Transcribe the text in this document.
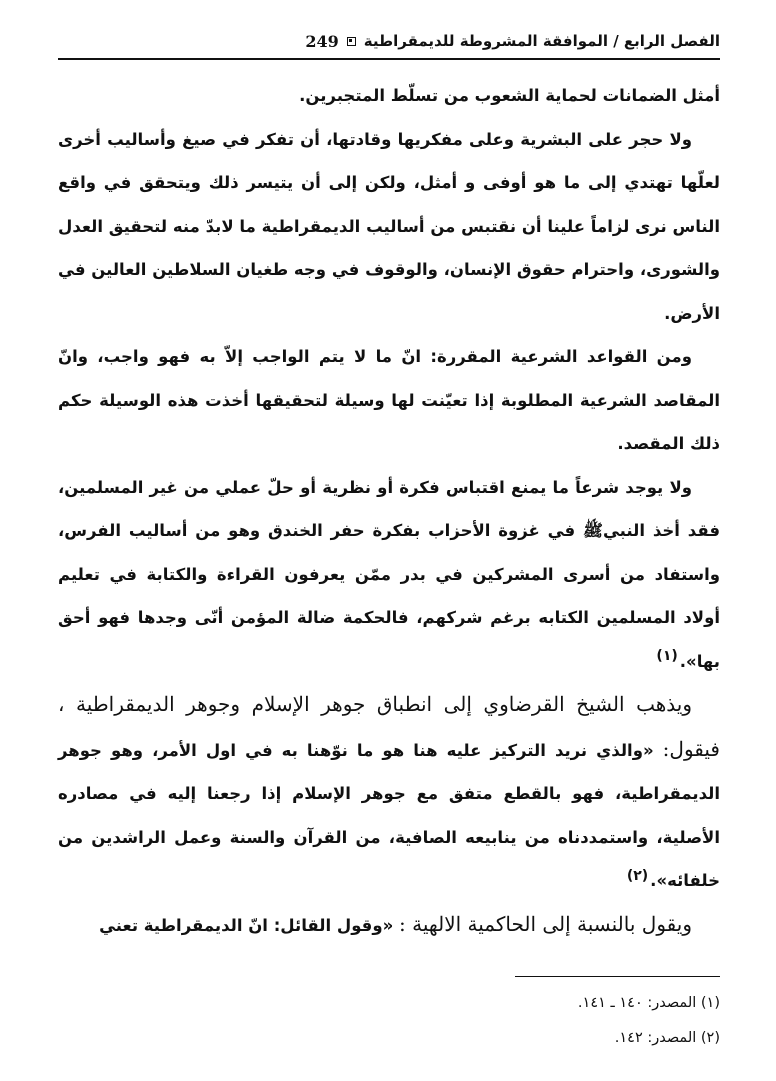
الفصل الرابع / الموافقة المشروطة للديمقراطية
249

أمثل الضمانات لحماية الشعوب من تسلّط المتجبرين.

ولا حجر على البشرية وعلى مفكريها وقادتها، أن تفكر في صيغ وأساليب أخرى لعلّها تهتدي إلى ما هو أوفى و أمثل، ولكن إلى أن يتيسر ذلك ويتحقق في واقع الناس نرى لزاماً علينا أن نقتبس من أساليب الديمقراطية ما لابدّ منه لتحقيق العدل والشورى، واحترام حقوق الإنسان، والوقوف في وجه طغيان السلاطين العالين في الأرض.

ومن القواعد الشرعية المقررة: انّ ما لا يتم الواجب إلاّ به فهو واجب، وانّ المقاصد الشرعية المطلوبة إذا تعيّنت لها وسيلة لتحقيقها أخذت هذه الوسيلة حكم ذلك المقصد.

ولا يوجد شرعاً ما يمنع اقتباس فكرة أو نظرية أو حلّ عملي من غير المسلمين، فقد أخذ النبيﷺ في غزوة الأحزاب بفكرة حفر الخندق وهو من أساليب الفرس، واستفاد من أسرى المشركين في بدر ممّن يعرفون القراءة والكتابة في تعليم أولاد المسلمين الكتابه برغم شركهم، فالحكمة ضالة المؤمن أنّى وجدها فهو أحق بها».$^{(١)}$

ويذهب الشيخ القرضاوي إلى انطباق جوهر الإسلام وجوهر الديمقراطية ، فيقول: «والذي نريد التركيز عليه هنا هو ما نوّهنا به في اول الأمر، وهو جوهر الديمقراطية، فهو بالقطع متفق مع جوهر الإسلام إذا رجعنا إليه في مصادره الأصلية، واستمددناه من ينابيعه الصافية، من القرآن والسنة وعمل الراشدين من خلفائه».$^{(٢)}$

ويقول بالنسبة إلى الحاكمية الالهية : «وقول القائل: انّ الديمقراطية تعني

(١) المصدر: ١٤٠ ـ ١٤١.

(٢) المصدر: ١٤٢.
